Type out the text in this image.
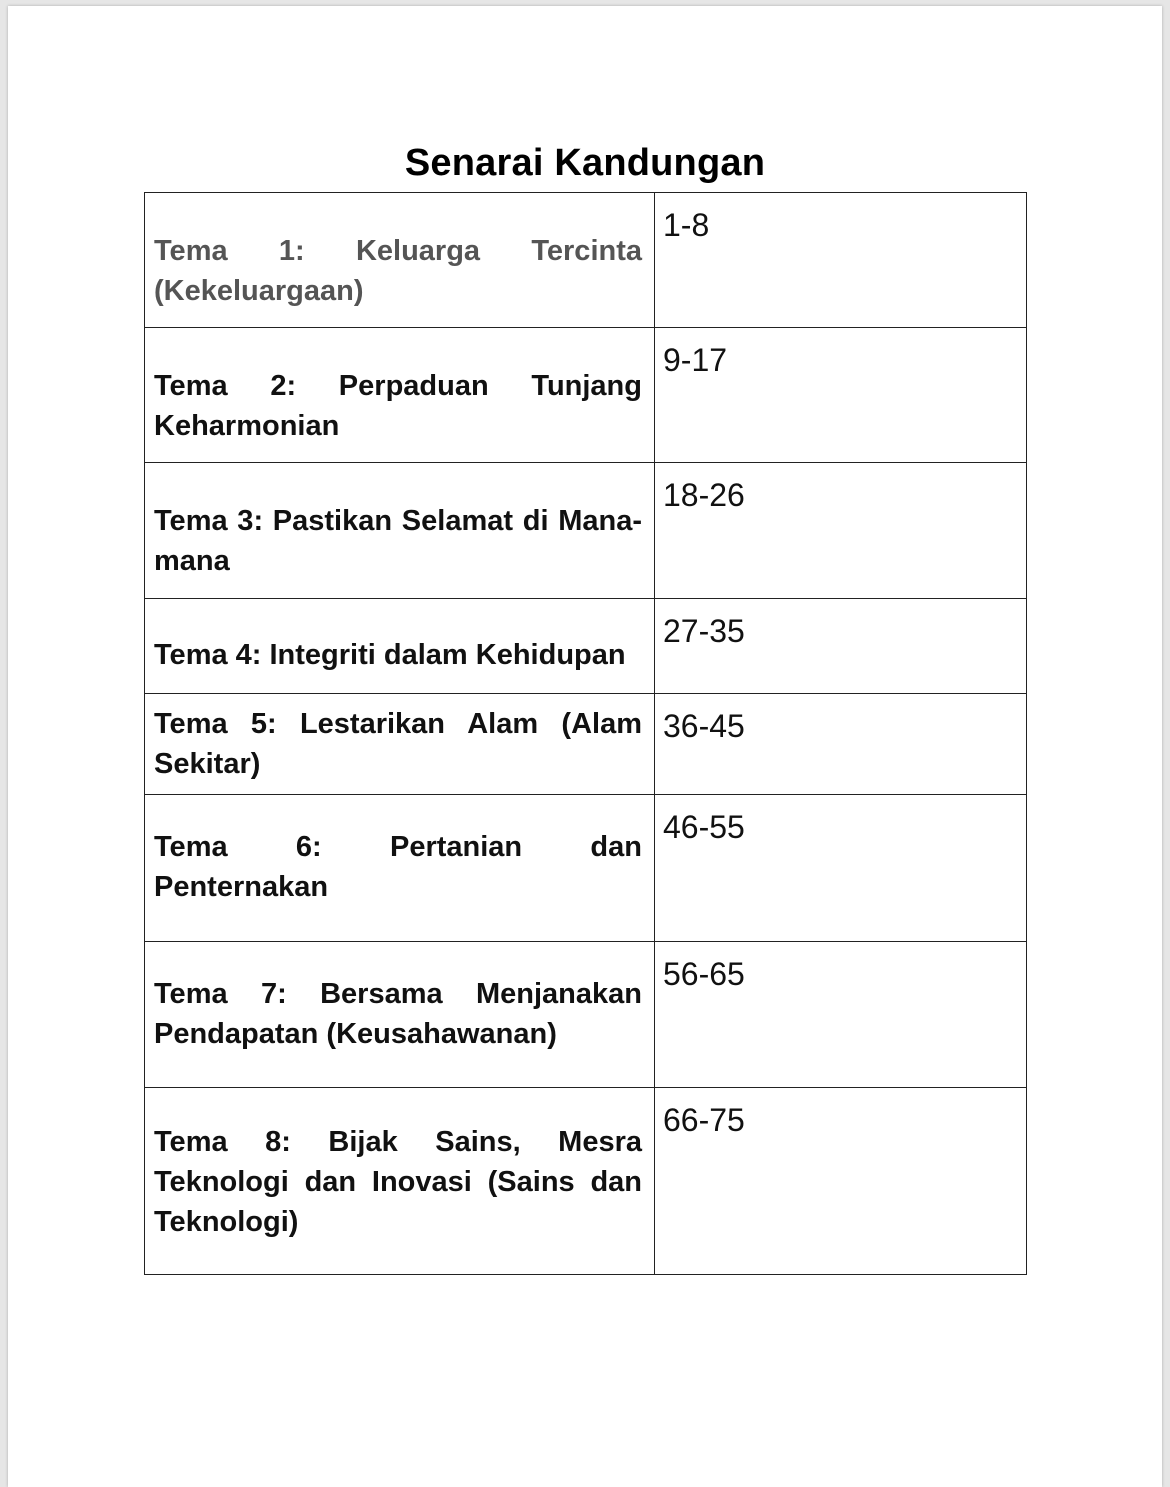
Senarai Kandungan
Tema 1: Keluarga Tercinta (Kekeluargaan)	1-8

Tema 2: Perpaduan Tunjang Keharmonian	9-17

Tema 3: Pastikan Selamat di Mana-mana	18-26

Tema 4: Integriti dalam Kehidupan	27-35

Tema 5: Lestarikan Alam (Alam Sekitar)	36-45

Tema 6: Pertanian dan Penternakan	46-55

Tema 7: Bersama Menjanakan Pendapatan (Keusahawanan)	56-65

Tema 8: Bijak Sains, Mesra Teknologi dan Inovasi (Sains dan Teknologi)	66-75
